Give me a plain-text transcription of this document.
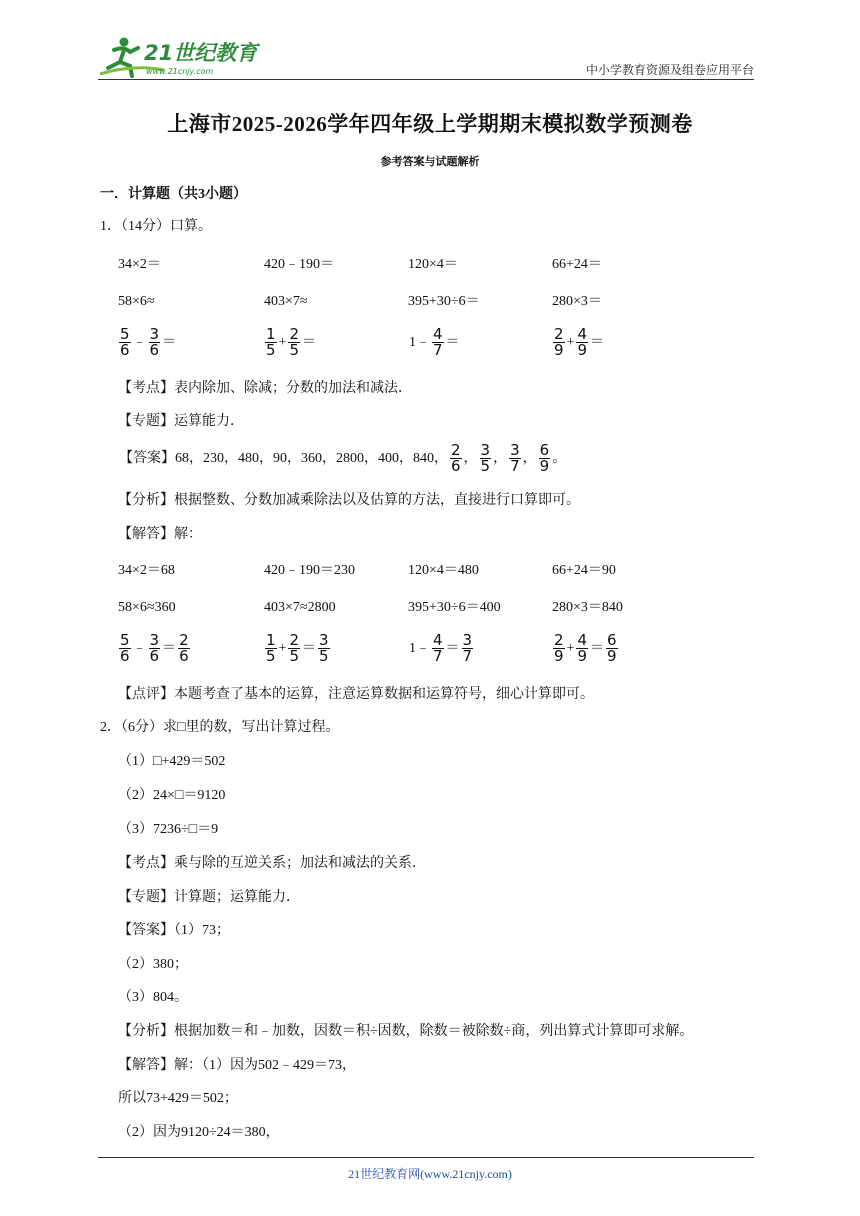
21世纪教育
www.21cnjy.com	中小学教育资源及组卷应用平台
上海市2025-2026学年四年级上学期期末模拟数学预测卷
参考答案与试题解析
一．计算题（共3小题）
1．（14分）口算。
34×2＝	420﹣190＝	120×4＝	66+24＝
58×6≈	403×7≈	395+30÷6＝	280×3＝
$\frac{5}{6}$ ﹣ $\frac{3}{6}$ ＝	$\frac{1}{5} + \frac{2}{5}$ ＝	1﹣ $\frac{4}{7}$ ＝	$\frac{2}{9} + \frac{4}{9}$ ＝
【考点】表内除加、除减；分数的加法和减法．
【专题】运算能力．
【答案】68，230，480，90，360，2800，400，840， $\frac{2}{6}$ ， $\frac{3}{5}$ ， $\frac{3}{7}$ ， $\frac{6}{9}$ 。
【分析】根据整数、分数加减乘除法以及估算的方法，直接进行口算即可。
【解答】解：
34×2＝68	420﹣190＝230	120×4＝480	66+24＝90
58×6≈360	403×7≈2800	395+30÷6＝400	280×3＝840
$\frac{5}{6}$ ﹣ $\frac{3}{6} = \frac{2}{6}$	$\frac{1}{5} + \frac{2}{5} = \frac{3}{5}$	1﹣ $\frac{4}{7} = \frac{3}{7}$	$\frac{2}{9} + \frac{4}{9} = \frac{6}{9}$
【点评】本题考查了基本的运算，注意运算数据和运算符号，细心计算即可。
2．（6分）求□里的数，写出计算过程。
（1）□+429＝502
（2）24×□＝9120
（3）7236÷□＝9
【考点】乘与除的互逆关系；加法和减法的关系．
【专题】计算题；运算能力．
【答案】（1）73；
（2）380；
（3）804。
【分析】根据加数＝和﹣加数，因数＝积÷因数，除数＝被除数÷商，列出算式计算即可求解。
【解答】解：（1）因为502﹣429＝73，
所以73+429＝502；
（2）因为9120÷24＝380，
21世纪教育网(www.21cnjy.com)
